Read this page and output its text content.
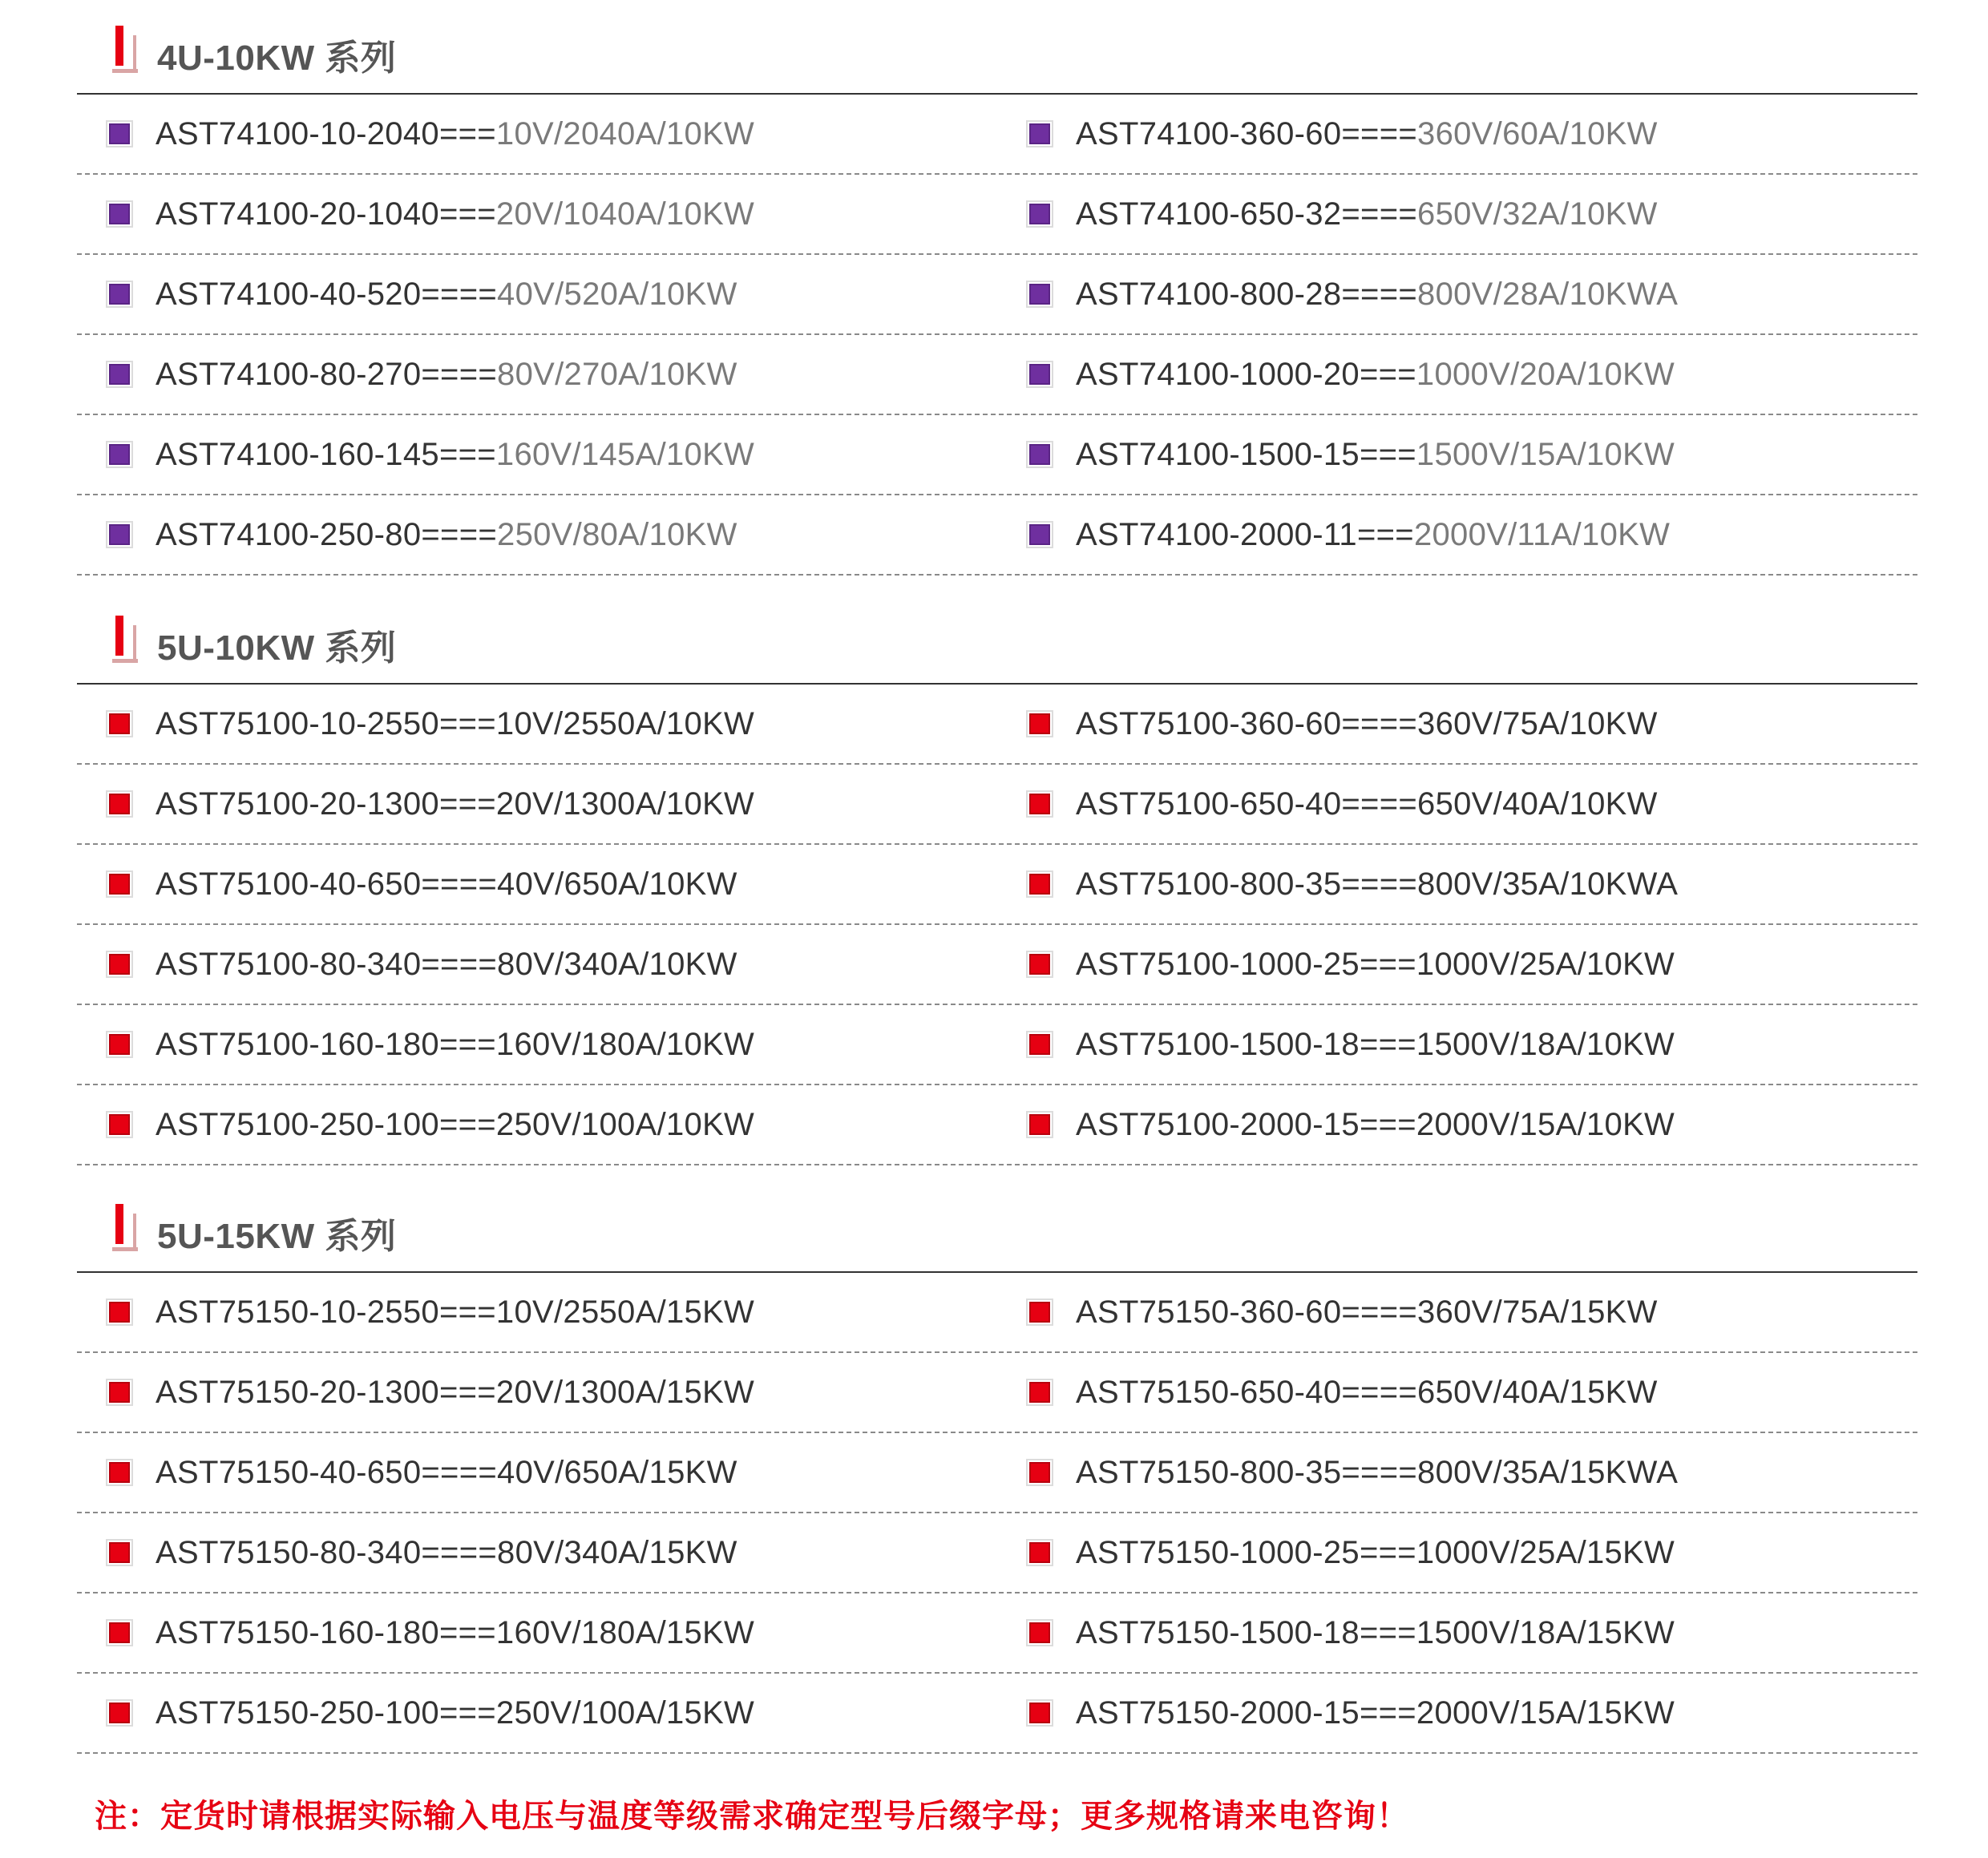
4U-10KW 系列
AST74100-10-2040=== 10V/2040A/10KW	AST74100-360-60==== 360V/60A/10KW
AST74100-20-1040=== 20V/1040A/10KW	AST74100-650-32==== 650V/32A/10KW
AST74100-40-520==== 40V/520A/10KW	AST74100-800-28==== 800V/28A/10KWA
AST74100-80-270==== 80V/270A/10KW	AST74100-1000-20=== 1000V/20A/10KW
AST74100-160-145=== 160V/145A/10KW	AST74100-1500-15=== 1500V/15A/10KW
AST74100-250-80==== 250V/80A/10KW	AST74100-2000-11=== 2000V/11A/10KW
5U-10KW 系列
AST75100-10-2550=== 10V/2550A/10KW	AST75100-360-60==== 360V/75A/10KW
AST75100-20-1300=== 20V/1300A/10KW	AST75100-650-40==== 650V/40A/10KW
AST75100-40-650==== 40V/650A/10KW	AST75100-800-35==== 800V/35A/10KWA
AST75100-80-340==== 80V/340A/10KW	AST75100-1000-25=== 1000V/25A/10KW
AST75100-160-180=== 160V/180A/10KW	AST75100-1500-18=== 1500V/18A/10KW
AST75100-250-100=== 250V/100A/10KW	AST75100-2000-15=== 2000V/15A/10KW
5U-15KW 系列
AST75150-10-2550=== 10V/2550A/15KW	AST75150-360-60==== 360V/75A/15KW
AST75150-20-1300=== 20V/1300A/15KW	AST75150-650-40==== 650V/40A/15KW
AST75150-40-650==== 40V/650A/15KW	AST75150-800-35==== 800V/35A/15KWA
AST75150-80-340==== 80V/340A/15KW	AST75150-1000-25=== 1000V/25A/15KW
AST75150-160-180=== 160V/180A/15KW	AST75150-1500-18=== 1500V/18A/15KW
AST75150-250-100=== 250V/100A/15KW	AST75150-2000-15=== 2000V/15A/15KW
注：定货时请根据实际输入电压与温度等级需求确定型号后缀字母；更多规格请来电咨询！
